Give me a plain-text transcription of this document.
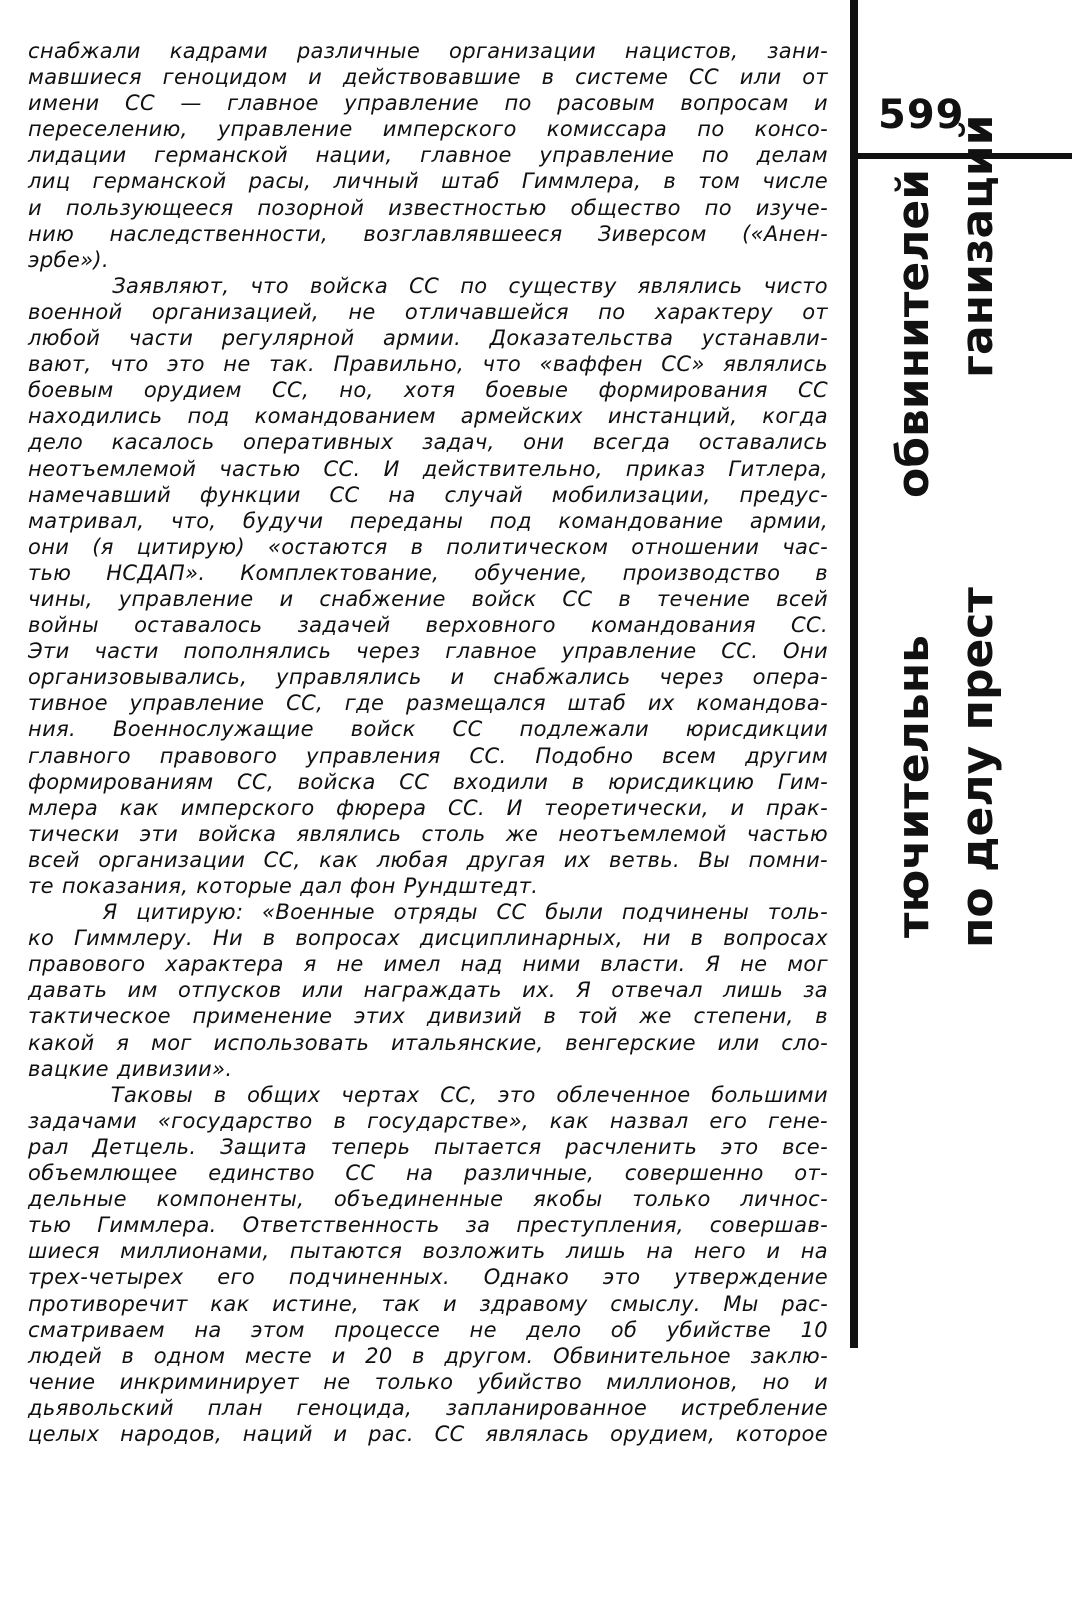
599
обвинителей ганизаций
тючительнь по делу прест
снабжали кадрами различные организации нацистов, зани-
мавшиеся геноцидом и действовавшие в системе СС или от
имени СС — главное управление по расовым вопросам и
переселению, управление имперского комиссара по консо-
лидации германской нации, главное управление по делам
лиц германской расы, личный штаб Гиммлера, в том числе
и пользующееся позорной известностью общество по изуче-
нию наследственности, возглавлявшееся Зиверсом («Анен-
эрбе»).
Заявляют, что войска СС по существу являлись чисто
военной организацией, не отличавшейся по характеру от
любой части регулярной армии. Доказательства устанавли-
вают, что это не так. Правильно, что «ваффен СС» являлись
боевым орудием СС, но, хотя боевые формирования СС
находились под командованием армейских инстанций, когда
дело касалось оперативных задач, они всегда оставались
неотъемлемой частью СС. И действительно, приказ Гитлера,
намечавший функции СС на случай мобилизации, предус-
матривал, что, будучи переданы под командование армии,
они (я цитирую) «остаются в политическом отношении час-
тью НСДАП». Комплектование, обучение, производство в
чины, управление и снабжение войск СС в течение всей
войны оставалось задачей верховного командования СС.
Эти части пополнялись через главное управление СС. Они
организовывались, управлялись и снабжались через опера-
тивное управление СС, где размещался штаб их командова-
ния. Военнослужащие войск СС подлежали юрисдикции
главного правового управления СС. Подобно всем другим
формированиям СС, войска СС входили в юрисдикцию Гим-
млера как имперского фюрера СС. И теоретически, и прак-
тически эти войска являлись столь же неотъемлемой частью
всей организации СС, как любая другая их ветвь. Вы помни-
те показания, которые дал фон Рундштедт.
Я цитирую: «Военные отряды СС были подчинены толь-
ко Гиммлеру. Ни в вопросах дисциплинарных, ни в вопросах
правового характера я не имел над ними власти. Я не мог
давать им отпусков или награждать их. Я отвечал лишь за
тактическое применение этих дивизий в той же степени, в
какой я мог использовать итальянские, венгерские или сло-
вацкие дивизии».
Таковы в общих чертах СС, это облеченное большими
задачами «государство в государстве», как назвал его гене-
рал Детцель. Защита теперь пытается расчленить это все-
объемлющее единство СС на различные, совершенно от-
дельные компоненты, объединенные якобы только личнос-
тью Гиммлера. Ответственность за преступления, совершав-
шиеся миллионами, пытаются возложить лишь на него и на
трех-четырех его подчиненных. Однако это утверждение
противоречит как истине, так и здравому смыслу. Мы рас-
сматриваем на этом процессе не дело об убийстве 10
людей в одном месте и 20 в другом. Обвинительное заклю-
чение инкриминирует не только убийство миллионов, но и
дьявольский план геноцида, запланированное истребление
целых народов, наций и рас. СС являлась орудием, которое
